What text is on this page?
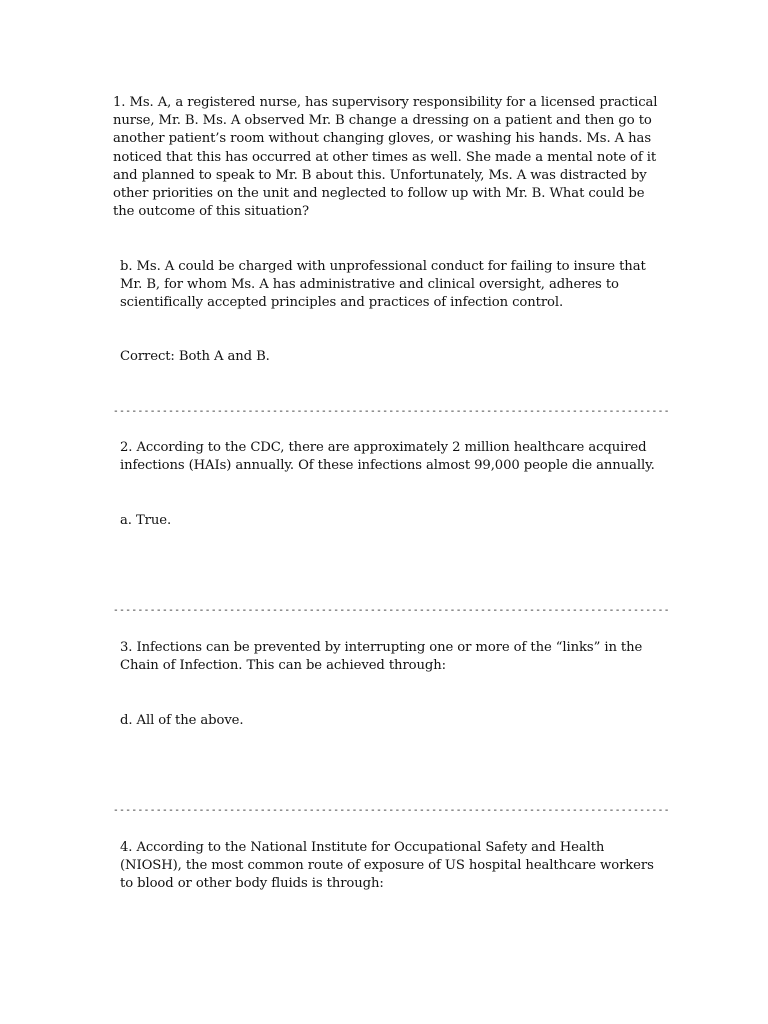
1. Ms. A, a registered nurse, has supervisory responsibility for a licensed practical nurse, Mr. B. Ms. A observed Mr. B change a dressing on a patient and then go to another patient’s room without changing gloves, or washing his hands. Ms. A has noticed that this has occurred at other times as well. She made a mental note of it and planned to speak to Mr. B about this. Unfortunately, Ms. A was distracted by other priorities on the unit and neglected to follow up with Mr. B. What could be the outcome of this situation?
b. Ms. A could be charged with unprofessional conduct for failing to insure that Mr. B, for whom Ms. A has administrative and clinical oversight, adheres to scientifically accepted principles and practices of infection control.
Correct: Both A and B.
-------------------------------------------------------------------------------------------
2. According to the CDC, there are approximately 2 million healthcare acquired infections (HAIs) annually. Of these infections almost 99,000 people die annually.
a. True.
-------------------------------------------------------------------------------------------
3. Infections can be prevented by interrupting one or more of the “links” in the Chain of Infection. This can be achieved through:
d. All of the above.
-------------------------------------------------------------------------------------------
4. According to the National Institute for Occupational Safety and Health (NIOSH), the most common route of exposure of US hospital healthcare workers to blood or other body fluids is through:
